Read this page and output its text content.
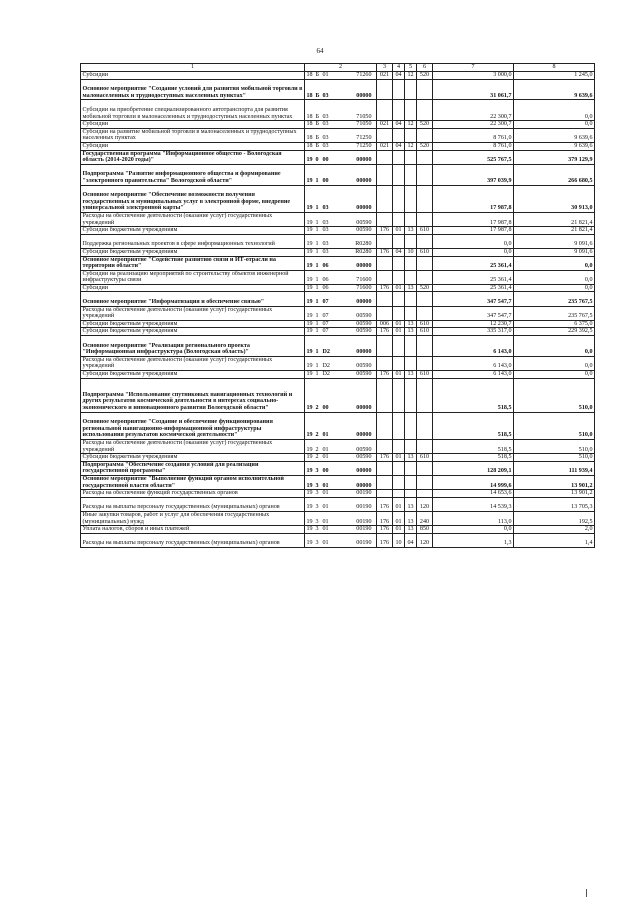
64
1	2	3	4	5	6	7	8
Субсидии	18 Б 01 71260	021	04	12	520	3 000,0	1 245,0
Основное мероприятие "Создание условий для развития мобильной торговли в малонаселенных и труднодоступных населенных пунктах"	18 Б 03 00000					31 061,7	9 639,6
Субсидии на приобретение специализированного автотранспорта для развития мобильной торговли в малонаселенных и труднодоступных населенных пунктах	18 Б 03 71050					22 300,7	0,0
Субсидии	18 Б 03 71050	021	04	12	520	22 300,7	0,0
Субсидии на развитие мобильной торговли в малонаселенных и труднодоступных населенных пунктах	18 Б 03 71250					8 761,0	9 639,6
Субсидии	18 Б 03 71250	021	04	12	520	8 761,0	9 639,6
Государственная программа "Информационное общество - Вологодская область (2014-2020 годы)"	19 0 00 00000					525 767,5	379 129,9
Подпрограмма "Развитие информационного общества и формирование "электронного правительства" Вологодской области"	19 1 00 00000					397 039,9	266 680,5
Основное мероприятие "Обеспечение возможности получения государственных и муниципальных услуг в электронной форме, внедрение универсальной электронной карты"	19 1 03 00000					17 987,8	30 913,0
Расходы на обеспечение деятельности (оказание услуг) государственных учреждений	19 1 03 00590					17 987,8	21 821,4
Субсидии бюджетным учреждениям	19 1 03 00590	176	01	13	610	17 987,8	21 821,4
Поддержка региональных проектов в сфере информационных технологий	19 1 03 R0280					0,0	9 091,6
Субсидии бюджетным учреждениям	19 1 03 R0280	176	04	10	610	0,0	9 091,6
Основное мероприятие "Содействие развитию связи и ИТ-отрасли на территории области"	19 1 06 00000					25 361,4	0,0
Субсидии на реализацию мероприятий по строительству объектов инженерной инфраструктуры связи	19 1 06 71600					25 361,4	0,0
Субсидии	19 1 06 71600	176	01	13	520	25 361,4	0,0
Основное мероприятие "Информатизация и обеспечение связью"	19 1 07 00000					347 547,7	235 767,5
Расходы на обеспечение деятельности (оказание услуг) государственных учреждений	19 1 07 00590					347 547,7	235 767,5
Субсидии бюджетным учреждениям	19 1 07 00590	006	01	13	610	12 230,7	6 375,0
Субсидии бюджетным учреждениям	19 1 07 00590	176	01	13	610	335 317,0	229 392,5
Основное мероприятие "Реализация регионального проекта "Информационная инфраструктура (Вологодская область)"	19 1 D2 00000					6 143,0	0,0
Расходы на обеспечение деятельности (оказание услуг) государственных учреждений	19 1 D2 00590					6 143,0	0,0
Субсидии бюджетным учреждениям	19 1 D2 00590	176	01	13	610	6 143,0	0,0
Подпрограмма "Использование спутниковых навигационных технологий и других результатов космической деятельности в интересах социально-экономического и инновационного развития Вологодской области"	19 2 00 00000					518,5	510,0
Основное мероприятие "Создание и обеспечение функционирования региональной навигационно-информационной инфраструктуры использования результатов космической деятельности"	19 2 01 00000					518,5	510,0
Расходы на обеспечение деятельности (оказание услуг) государственных учреждений	19 2 01 00590					518,5	510,0
Субсидии бюджетным учреждениям	19 2 01 00590	176	01	13	610	518,5	510,0
Подпрограмма "Обеспечение создания условий для реализации государственной программы"	19 3 00 00000					128 209,1	111 939,4
Основное мероприятие "Выполнение функций органом исполнительной государственной власти области"	19 3 01 00000					14 999,6	13 901,2
Расходы на обеспечение функций государственных органов	19 3 01 00190					14 653,6	13 901,2
Расходы на выплаты персоналу государственных (муниципальных) органов	19 3 01 00190	176	01	13	120	14 539,3	13 705,3
Иные закупки товаров, работ и услуг для обеспечения государственных (муниципальных) нужд	19 3 01 00190	176	01	13	240	113,0	192,5
Уплата налогов, сборов и иных платежей	19 3 01 00190	176	01	13	850	0,0	2,0
Расходы на выплаты персоналу государственных (муниципальных) органов	19 3 01 00190	176	10	04	120	1,3	1,4
